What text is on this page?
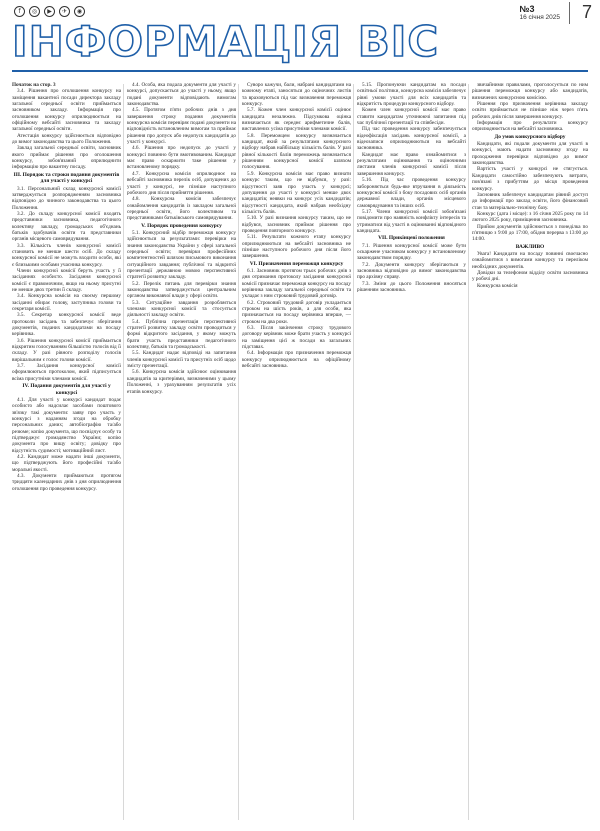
f	◎	▶	✈	◉	№3
16 січня 2025	7
ІНФОРМАЦІЯ ВІС

Початок на стор. 3

3.4. Рішення про оголошення конкурсу на заміщення вакантної посади директора закладу загальної середньої освіти приймається засновником закладу. Інформація про оголошення конкурсу оприлюднюється на офіційному вебсайті засновника та закладу загальної середньої освіти.

Атестація конкурсу здійснюється відповідно до вимог законодавства та цього Положення.

Заклад загальної середньої освіти, засновник якого приймає рішення про оголошення конкурсу, зобов'язаний оприлюднити інформацію про вакантну посаду.

ІІІ. Порядок та строки подання документів для участі у конкурсі

3.1. Персональний склад конкурсної комісії затверджується розпорядженням засновника відповідно до чинного законодавства та цього Положення.

3.2. До складу конкурсної комісії входять представники засновника, педагогічного колективу закладу, громадських об'єднань батьків здобувачів освіти та представники органів місцевого самоврядування.

3.3. Кількість членів конкурсної комісії становить не менше шести осіб. До складу конкурсної комісії не можуть входити особи, які є близькими особами учасника конкурсу.

Члени конкурсної комісії беруть участь у її засіданнях особисто. Засідання конкурсної комісії є правомочним, якщо на ньому присутні не менше двох третин її складу.

3.4. Конкурсна комісія на своєму першому засіданні обирає голову, заступника голови та секретаря комісії.

3.5. Секретар конкурсної комісії веде протоколи засідань та забезпечує зберігання документів, поданих кандидатами на посаду керівника.

3.6. Рішення конкурсної комісії приймається відкритим голосуванням більшістю голосів від її складу. У разі рівного розподілу голосів вирішальним є голос голови комісії.

3.7. Засідання конкурсної комісії оформлюються протоколом, який підписується всіма присутніми членами комісії.

IV. Подання документів для участі у конкурсі

4.1. Для участі у конкурсі кандидат подає особисто або надсилає засобами поштового зв'язку такі документи: заяву про участь у конкурсі з наданням згоди на обробку персональних даних; автобіографію та/або резюме; копію документа, що посвідчує особу та підтверджує громадянство України; копію документа про вищу освіту; довідку про відсутність судимості; мотиваційний лист.

4.2. Кандидат може надати інші документи, що підтверджують його професійні та/або моральні якості.

4.3. Документи приймаються протягом тридцяти календарних днів з дня оприлюднення оголошення про проведення конкурсу.

4.4. Особа, яка подала документи для участі у конкурсі, допускається до участі у ньому, якщо подані документи відповідають вимогам законодавства.

4.5. Протягом п'яти робочих днів з дня завершення строку подання документів конкурсна комісія перевіряє подані документи на відповідність встановленим вимогам та приймає рішення про допуск або недопуск кандидатів до участі у конкурсі.

4.6. Рішення про недопуск до участі у конкурсі повинно бути вмотивованим. Кандидат має право оскаржити таке рішення у встановленому порядку.

4.7. Конкурсна комісія оприлюднює на вебсайті засновника перелік осіб, допущених до участі у конкурсі, не пізніше наступного робочого дня після прийняття рішення.

4.8. Конкурсна комісія забезпечує ознайомлення кандидатів із закладом загальної середньої освіти, його колективом та представниками батьківського самоврядування.

V. Порядок проведення конкурсу

5.1. Конкурсний відбір переможця конкурсу здійснюється за результатами: перевірки на знання законодавства України у сфері загальної середньої освіти; перевірки професійних компетентностей шляхом письмового виконання ситуаційного завдання; публічної та відкритої презентації державною мовою перспективної стратегії розвитку закладу.

5.2. Перелік питань для перевірки знання законодавства затверджується центральним органом виконавчої влади у сфері освіти.

5.3. Ситуаційне завдання розробляється членами конкурсної комісії та стосується діяльності закладу освіти.

5.4. Публічна презентація перспективної стратегії розвитку закладу освіти проводиться у формі відкритого засідання, у якому можуть брати участь представники педагогічного колективу, батьків та громадськості.

5.5. Кандидат надає відповіді на запитання членів конкурсної комісії та присутніх осіб щодо змісту презентації.

5.6. Конкурсна комісія здійснює оцінювання кандидатів за критеріями, визначеними у цьому Положенні, з урахуванням результатів усіх етапів конкурсу.

Суворо кажучи, бали, набрані кандидатами на кожному етапі, заносяться до оціночних листів та враховуються під час визначення переможця конкурсу.

5.7. Кожен член конкурсної комісії оцінює кандидата незалежно. Підсумкова оцінка визначається як середнє арифметичне балів, виставлених усіма присутніми членами комісії.

5.8. Переможцем конкурсу визначається кандидат, який за результатами конкурсного відбору набрав найбільшу кількість балів. У разі рівної кількості балів переможець визначається рішенням конкурсної комісії шляхом голосування.

5.9. Конкурсна комісія має право визнати конкурс таким, що не відбувся, у разі: відсутності заяв про участь у конкурсі; допущення до участі у конкурсі менше двох кандидатів; неявки на конкурс усіх кандидатів; відсутності кандидата, який набрав необхідну кількість балів.

5.10. У разі визнання конкурсу таким, що не відбувся, засновник приймає рішення про проведення повторного конкурсу.

5.11. Результати кожного етапу конкурсу оприлюднюються на вебсайті засновника не пізніше наступного робочого дня після його завершення.

VI. Призначення переможця конкурсу

6.1. Засновник протягом трьох робочих днів з дня отримання протоколу засідання конкурсної комісії призначає переможця конкурсу на посаду керівника закладу загальної середньої освіти та укладає з ним строковий трудовий договір.

6.2. Строковий трудовий договір укладається строком на шість років, а для особи, яка призначається на посаду керівника вперше, — строком на два роки.

6.3. Після закінчення строку трудового договору керівник може брати участь у конкурсі на заміщення цієї ж посади на загальних підставах.

6.4. Інформація про призначення переможця конкурсу оприлюднюється на офіційному вебсайті засновника.

5.15. Пропонуючи кандидатам на посади освітньої політики, конкурсна комісія забезпечує рівні умови участі для всіх кандидатів та відкритість процедури конкурсного відбору.

Кожен член конкурсної комісії має право ставити кандидатам уточнюючі запитання під час публічної презентації та співбесіди.

Під час проведення конкурсу забезпечується відеофіксація засідань конкурсної комісії, а відеозаписи оприлюднюються на вебсайті засновника.

Кандидат має право ознайомитися з результатами оцінювання та оціночними листами членів конкурсної комісії після завершення конкурсу.

5.16. Під час проведення конкурсу забороняється будь-яке втручання в діяльність конкурсної комісії з боку посадових осіб органів державної влади, органів місцевого самоврядування та інших осіб.

5.17. Члени конкурсної комісії зобов'язані повідомити про наявність конфлікту інтересів та утриматися від участі в оцінюванні відповідного кандидата.

VII. Прикінцеві положення

7.1. Рішення конкурсної комісії може бути оскаржене учасником конкурсу у встановленому законодавством порядку.

7.2. Документи конкурсу зберігаються у засновника відповідно до вимог законодавства про архівну справу.

7.3. Зміни до цього Положення вносяться рішенням засновника.

звичайними правилами, проголосується по ним рішення переможця конкурсу або кандидатів, визначених конкурсною комісією.

Рішення про призначення керівника закладу освіти приймається не пізніше ніж через п'ять робочих днів після завершення конкурсу.

Інформація про результати конкурсу оприлюднюється на вебсайті засновника.

До умов конкурсного відбору

Кандидати, які подали документи для участі в конкурсі, мають надати засновнику згоду на проходження перевірки відповідно до вимог законодавства.

Вартість участі у конкурсі не стягується. Кандидати самостійно забезпечують витрати, пов'язані з прибуттям до місця проведення конкурсу.

Засновник забезпечує кандидатам рівний доступ до інформації про заклад освіти, його фінансовий стан та матеріально-технічну базу.

Конкурс (дата і місце): з 16 січня 2025 року по 14 лютого 2025 року, приміщення засновника.

Прийом документів здійснюється з понеділка по п'ятницю з 9:00 до 17:00, обідня перерва з 13:00 до 14:00.

ВАЖЛИВО

Увага! Кандидати на посаду повинні своєчасно ознайомитися з вимогами конкурсу та переліком необхідних документів.

Довідки за телефоном відділу освіти засновника у робочі дні.

Конкурсна комісія
